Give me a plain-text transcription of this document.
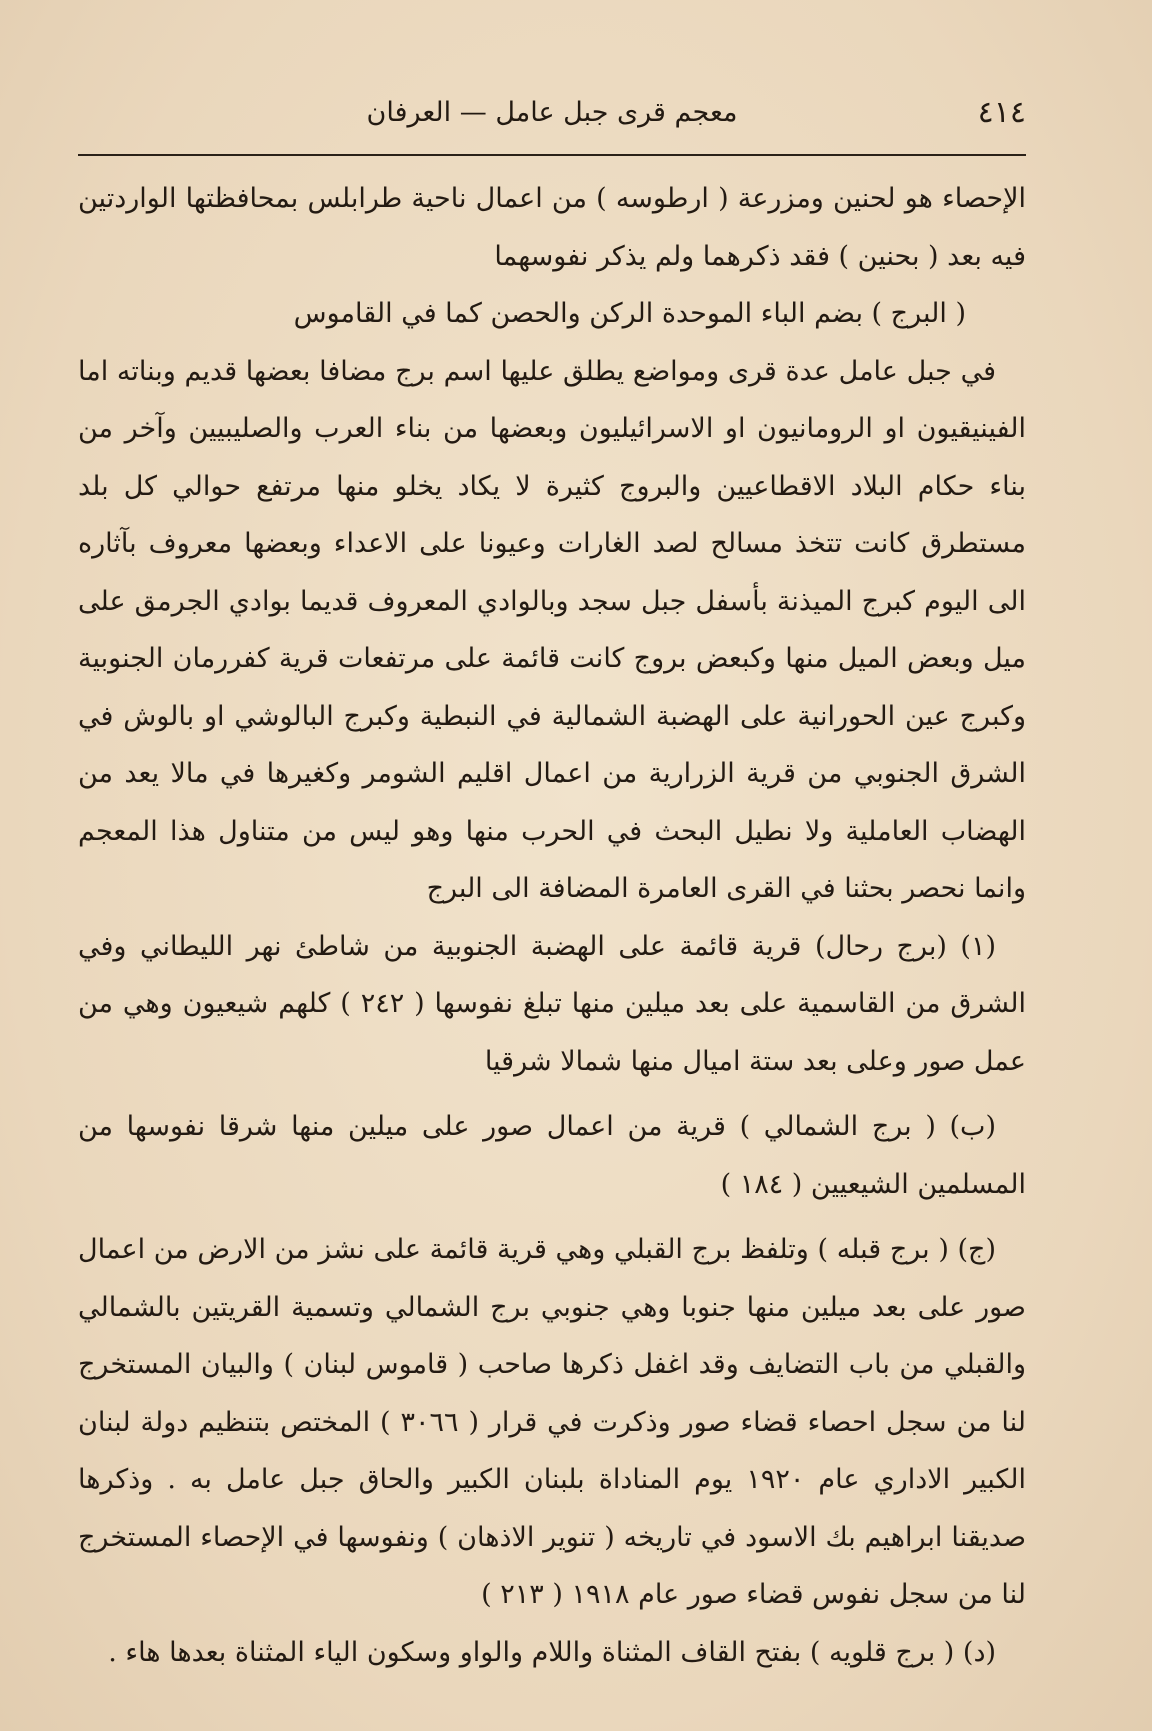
٤١٤
معجم قرى جبل عامل — العرفان

الإحصاء هو لحنين ومزرعة ( ارطوسه ) من اعمال ناحية طرابلس بمحافظتها الواردتين فيه بعد ( بحنين ) فقد ذكرهما ولم يذكر نفوسهما

( البرج ) بضم الباء الموحدة الركن والحصن كما في القاموس

في جبل عامل عدة قرى ومواضع يطلق عليها اسم برج مضافا بعضها قديم وبناته اما الفينيقيون او الرومانيون او الاسرائيليون وبعضها من بناء العرب والصليبيين وآخر من بناء حكام البلاد الاقطاعيين والبروج كثيرة لا يكاد يخلو منها مرتفع حوالي كل بلد مستطرق كانت تتخذ مسالح لصد الغارات وعيونا على الاعداء وبعضها معروف بآثاره الى اليوم كبرج الميذنة بأسفل جبل سجد وبالوادي المعروف قديما بوادي الجرمق على ميل وبعض الميل منها وكبعض بروج كانت قائمة على مرتفعات قرية كفررمان الجنوبية وكبرج عين الحورانية على الهضبة الشمالية في النبطية وكبرج البالوشي او بالوش في الشرق الجنوبي من قرية الزرارية من اعمال اقليم الشومر وكغيرها في مالا يعد من الهضاب العاملية ولا نطيل البحث في الحرب منها وهو ليس من متناول هذا المعجم وانما نحصر بحثنا في القرى العامرة المضافة الى البرج

(١) (برج رحال) قرية قائمة على الهضبة الجنوبية من شاطئ نهر الليطاني وفي الشرق من القاسمية على بعد ميلين منها تبلغ نفوسها ( ٢٤٢ ) كلهم شيعيون وهي من عمل صور وعلى بعد ستة اميال منها شمالا شرقيا

(ب) ( برج الشمالي ) قرية من اعمال صور على ميلين منها شرقا نفوسها من المسلمين الشيعيين ( ١٨٤ )

(ج) ( برج قبله ) وتلفظ برج القبلي وهي قرية قائمة على نشز من الارض من اعمال صور على بعد ميلين منها جنوبا وهي جنوبي برج الشمالي وتسمية القريتين بالشمالي والقبلي من باب التضايف وقد اغفل ذكرها صاحب ( قاموس لبنان ) والبيان المستخرج لنا من سجل احصاء قضاء صور وذكرت في قرار ( ٣٠٦٦ ) المختص بتنظيم دولة لبنان الكبير الاداري عام ١٩٢٠ يوم المناداة بلبنان الكبير والحاق جبل عامل به . وذكرها صديقنا ابراهيم بك الاسود في تاريخه ( تنوير الاذهان ) ونفوسها في الإحصاء المستخرج لنا من سجل نفوس قضاء صور عام ١٩١٨ ( ٢١٣ )

(د) ( برج قلويه ) بفتح القاف المثناة واللام والواو وسكون الياء المثناة بعدها هاء .
